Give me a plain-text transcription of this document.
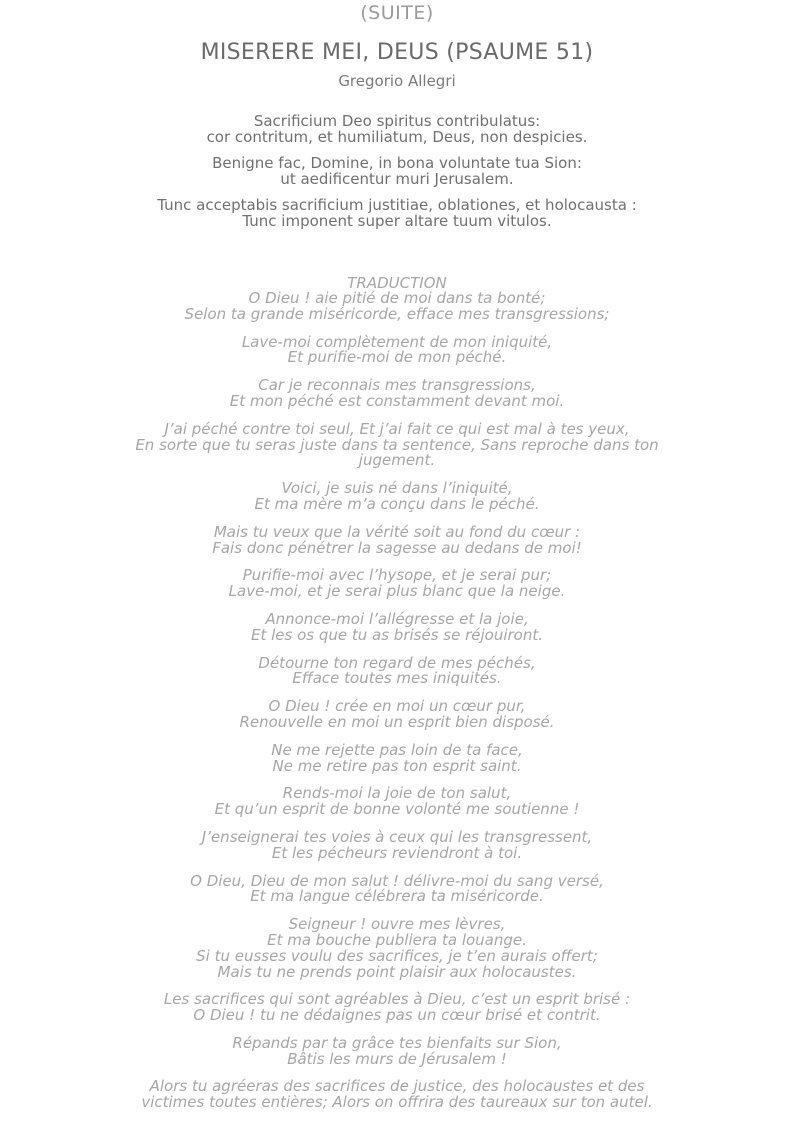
(SUITE)
MISERERE MEI, DEUS (PSAUME 51)
Gregorio Allegri
Sacrificium Deo spiritus contribulatus:
cor contritum, et humiliatum, Deus, non despicies.
Benigne fac, Domine, in bona voluntate tua Sion:
ut aedificentur muri Jerusalem.
Tunc acceptabis sacrificium justitiae, oblationes, et holocausta :
Tunc imponent super altare tuum vitulos.
TRADUCTION
O Dieu ! aie pitié de moi dans ta bonté;
Selon ta grande miséricorde, efface mes transgressions;
Lave-moi complètement de mon iniquité,
Et purifie-moi de mon péché.
Car je reconnais mes transgressions,
Et mon péché est constamment devant moi.
J’ai péché contre toi seul, Et j’ai fait ce qui est mal à tes yeux,
En sorte que tu seras juste dans ta sentence, Sans reproche dans ton
jugement.
Voici, je suis né dans l’iniquité,
Et ma mère m’a conçu dans le péché.
Mais tu veux que la vérité soit au fond du cœur :
Fais donc pénétrer la sagesse au dedans de moi!
Purifie-moi avec l’hysope, et je serai pur;
Lave-moi, et je serai plus blanc que la neige.
Annonce-moi l’allégresse et la joie,
Et les os que tu as brisés se réjouiront.
Détourne ton regard de mes péchés,
Efface toutes mes iniquités.
O Dieu ! crée en moi un cœur pur,
Renouvelle en moi un esprit bien disposé.
Ne me rejette pas loin de ta face,
Ne me retire pas ton esprit saint.
Rends-moi la joie de ton salut,
Et qu’un esprit de bonne volonté me soutienne !
J’enseignerai tes voies à ceux qui les transgressent,
Et les pécheurs reviendront à toi.
O Dieu, Dieu de mon salut ! délivre-moi du sang versé,
Et ma langue célébrera ta miséricorde.
Seigneur ! ouvre mes lèvres,
Et ma bouche publiera ta louange.
Si tu eusses voulu des sacrifices, je t’en aurais offert;
Mais tu ne prends point plaisir aux holocaustes.
Les sacrifices qui sont agréables à Dieu, c’est un esprit brisé :
O Dieu ! tu ne dédaignes pas un cœur brisé et contrit.
Répands par ta grâce tes bienfaits sur Sion,
Bâtis les murs de Jérusalem !
Alors tu agréeras des sacrifices de justice, des holocaustes et des
victimes toutes entières; Alors on offrira des taureaux sur ton autel.
